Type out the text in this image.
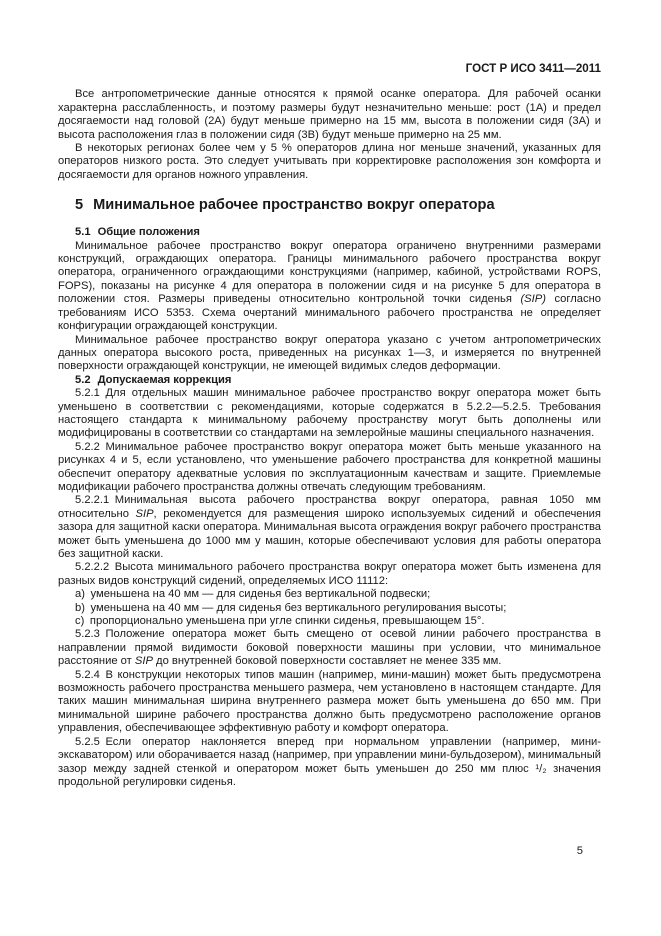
ГОСТ Р ИСО 3411—2011

Все антропометрические данные относятся к прямой осанке оператора. Для рабочей осанки характерна расслабленность, и поэтому размеры будут незначительно меньше: рост (1А) и предел досягаемости над головой (2А) будут меньше примерно на 15 мм, высота в положении сидя (3А) и высота расположения глаз в положении сидя (3В) будут меньше примерно на 25 мм.

В некоторых регионах более чем у 5 % операторов длина ног меньше значений, указанных для операторов низкого роста. Это следует учитывать при корректировке расположения зон комфорта и досягаемости для органов ножного управления.

5 Минимальное рабочее пространство вокруг оператора
5.1 Общие положения

Минимальное рабочее пространство вокруг оператора ограничено внутренними размерами конструкций, ограждающих оператора. Границы минимального рабочего пространства вокруг оператора, ограниченного ограждающими конструкциями (например, кабиной, устройствами ROPS, FOPS), показаны на рисунке 4 для оператора в положении сидя и на рисунке 5 для оператора в положении стоя. Размеры приведены относительно контрольной точки сиденья (SIP) согласно требованиям ИСО 5353. Схема очертаний минимального рабочего пространства не определяет конфигурации ограждающей конструкции.

Минимальное рабочее пространство вокруг оператора указано с учетом антропометрических данных оператора высокого роста, приведенных на рисунках 1—3, и измеряется по внутренней поверхности ограждающей конструкции, не имеющей видимых следов деформации.

5.2 Допускаемая коррекция

5.2.1 Для отдельных машин минимальное рабочее пространство вокруг оператора может быть уменьшено в соответствии с рекомендациями, которые содержатся в 5.2.2—5.2.5. Требования настоящего стандарта к минимальному рабочему пространству могут быть дополнены или модифицированы в соответствии со стандартами на землеройные машины специального назначения.

5.2.2 Минимальное рабочее пространство вокруг оператора может быть меньше указанного на рисунках 4 и 5, если установлено, что уменьшение рабочего пространства для конкретной машины обеспечит оператору адекватные условия по эксплуатационным качествам и защите. Приемлемые модификации рабочего пространства должны отвечать следующим требованиям.

5.2.2.1 Минимальная высота рабочего пространства вокруг оператора, равная 1050 мм относительно SIP, рекомендуется для размещения широко используемых сидений и обеспечения зазора для защитной каски оператора. Минимальная высота ограждения вокруг рабочего пространства может быть уменьшена до 1000 мм у машин, которые обеспечивают условия для работы оператора без защитной каски.

5.2.2.2 Высота минимального рабочего пространства вокруг оператора может быть изменена для разных видов конструкций сидений, определяемых ИСО 11112:

a) уменьшена на 40 мм — для сиденья без вертикальной подвески;

b) уменьшена на 40 мм — для сиденья без вертикального регулирования высоты;

c) пропорционально уменьшена при угле спинки сиденья, превышающем 15°.

5.2.3 Положение оператора может быть смещено от осевой линии рабочего пространства в направлении прямой видимости боковой поверхности машины при условии, что минимальное расстояние от SIP до внутренней боковой поверхности составляет не менее 335 мм.

5.2.4 В конструкции некоторых типов машин (например, мини-машин) может быть предусмотрена возможность рабочего пространства меньшего размера, чем установлено в настоящем стандарте. Для таких машин минимальная ширина внутреннего размера может быть уменьшена до 650 мм. При минимальной ширине рабочего пространства должно быть предусмотрено расположение органов управления, обеспечивающее эффективную работу и комфорт оператора.

5.2.5 Если оператор наклоняется вперед при нормальном управлении (например, мини-экскаватором) или оборачивается назад (например, при управлении мини-бульдозером), минимальный зазор между задней стенкой и оператором может быть уменьшен до 250 мм плюс ¹/₂ значения продольной регулировки сиденья.

5
